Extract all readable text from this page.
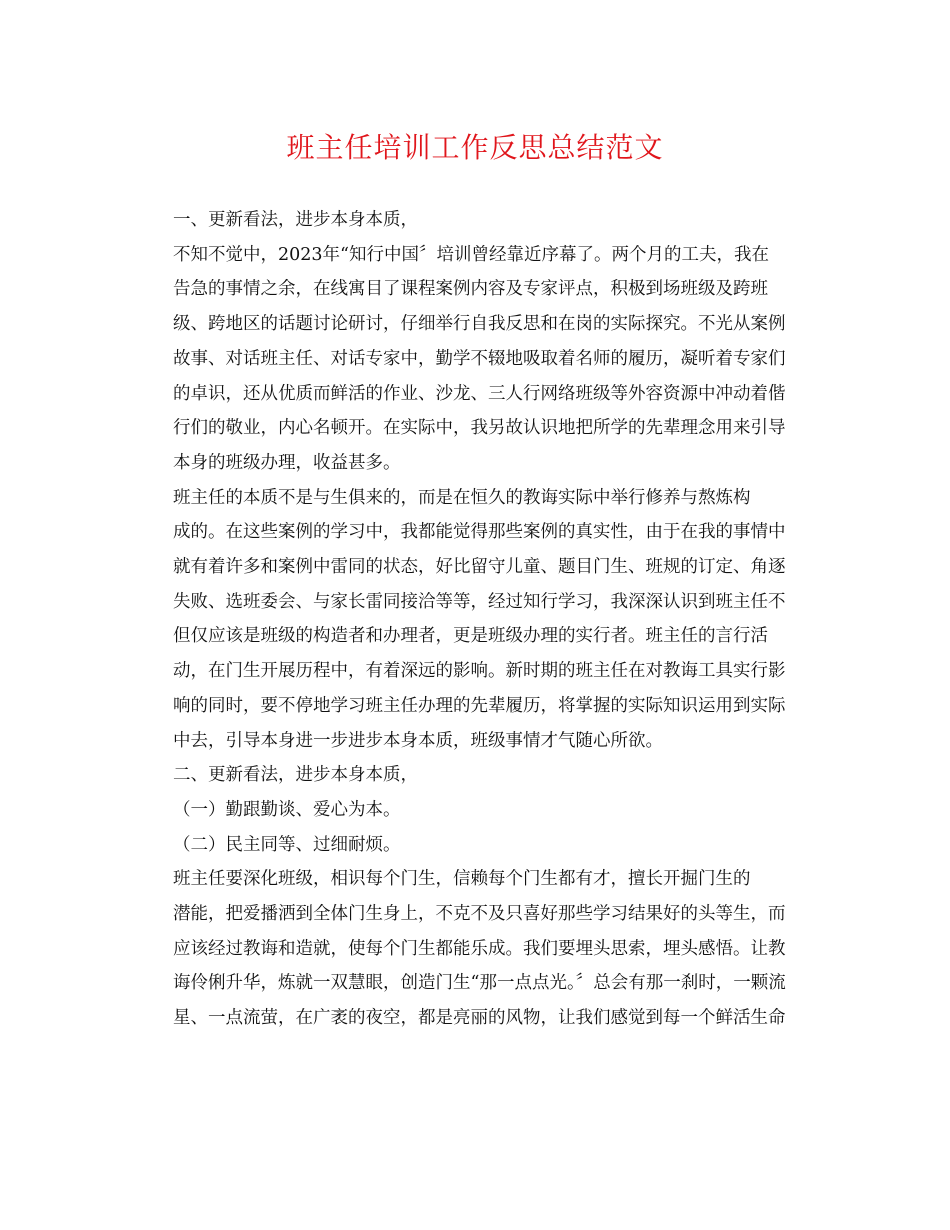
班主任培训工作反思总结范文

一、更新看法，进步本身本质，

不知不觉中，2023年“知行中国〞培训曾经靠近序幕了。两个月的工夫，我在
告急的事情之余，在线寓目了课程案例内容及专家评点，积极到场班级及跨班
级、跨地区的话题讨论研讨，仔细举行自我反思和在岗的实际探究。不光从案例
故事、对话班主任、对话专家中，勤学不辍地吸取着名师的履历，凝听着专家们
的卓识，还从优质而鲜活的作业、沙龙、三人行网络班级等外容资源中冲动着偕
行们的敬业，内心名顿开。在实际中，我另故认识地把所学的先辈理念用来引导
本身的班级办理，收益甚多。

班主任的本质不是与生俱来的，而是在恒久的教诲实际中举行修养与熬炼构
成的。在这些案例的学习中，我都能觉得那些案例的真实性，由于在我的事情中
就有着许多和案例中雷同的状态，好比留守儿童、题目门生、班规的订定、角逐
失败、选班委会、与家长雷同接洽等等，经过知行学习，我深深认识到班主任不
但仅应该是班级的构造者和办理者，更是班级办理的实行者。班主任的言行活
动，在门生开展历程中，有着深远的影响。新时期的班主任在对教诲工具实行影
响的同时，要不停地学习班主任办理的先辈履历，将掌握的实际知识运用到实际
中去，引导本身进一步进步本身本质，班级事情才气随心所欲。

二、更新看法，进步本身本质，

（一）勤跟勤谈、爱心为本。

（二）民主同等、过细耐烦。

班主任要深化班级，相识每个门生，信赖每个门生都有才，擅长开掘门生的
潜能，把爱播洒到全体门生身上，不克不及只喜好那些学习结果好的头等生，而
应该经过教诲和造就，使每个门生都能乐成。我们要埋头思索，埋头感悟。让教
诲伶俐升华，炼就一双慧眼，创造门生“那一点点光。〞总会有那一刹时，一颗流
星、一点流萤，在广袤的夜空，都是亮丽的风物，让我们感觉到每一个鲜活生命
